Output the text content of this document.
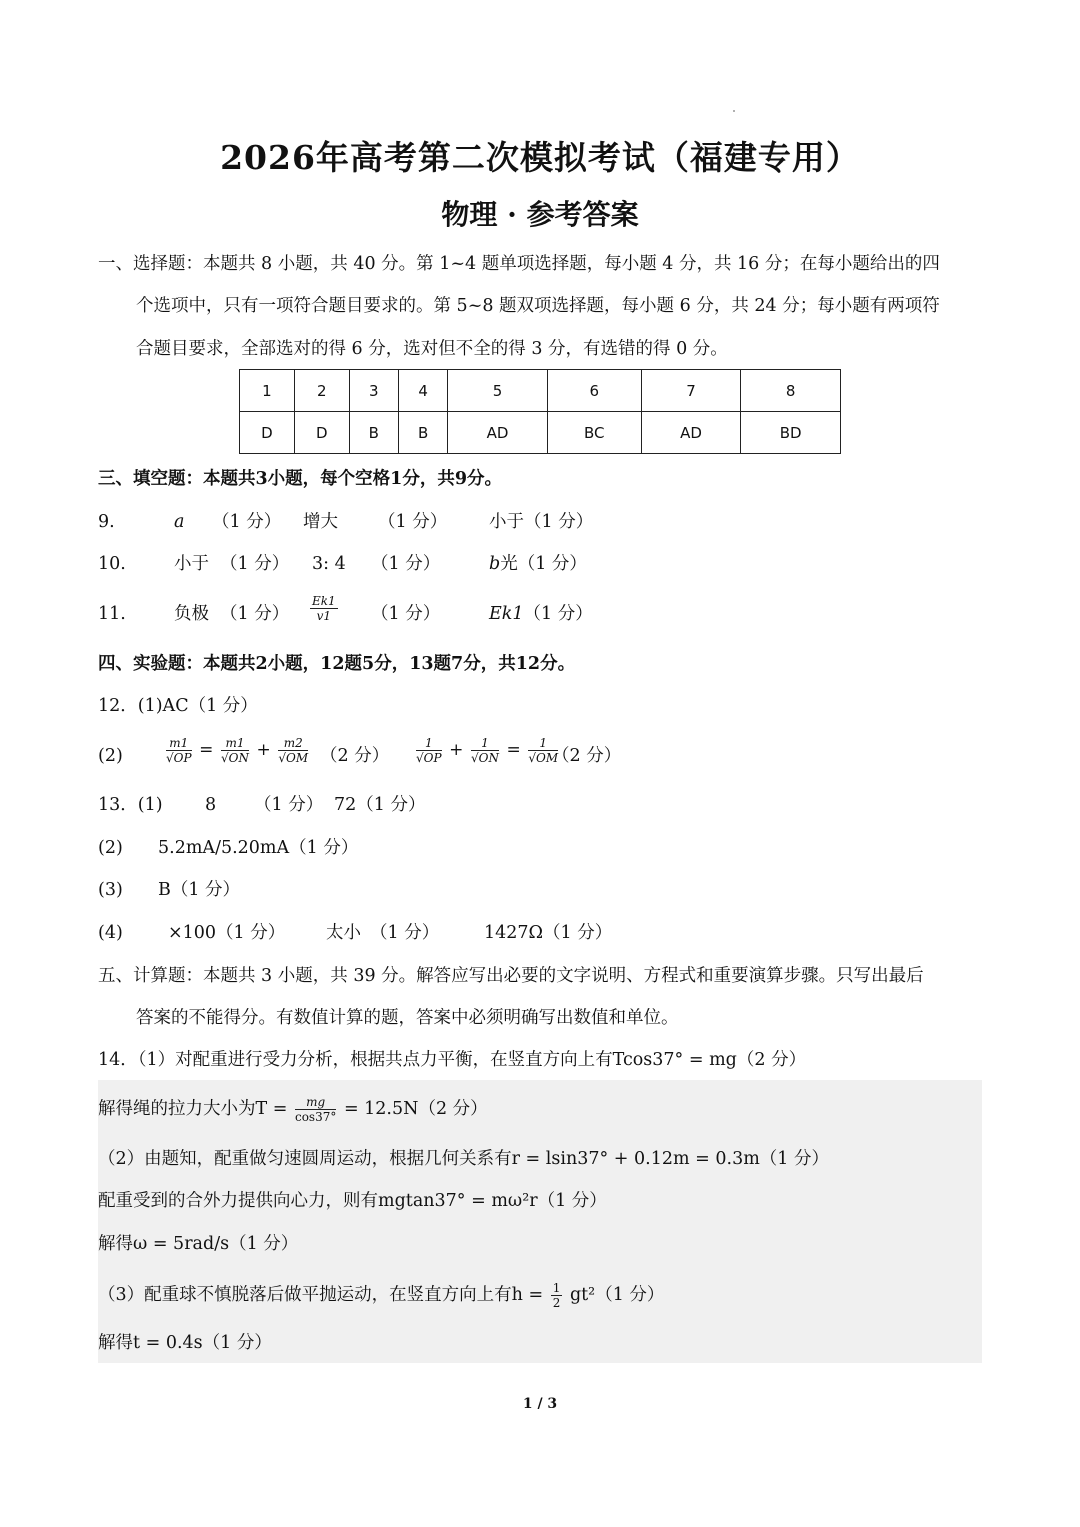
2026年高考第二次模拟考试（福建专用）
物理 · 参考答案
一、选择题：本题共 8 小题，共 40 分。第 1~4 题单项选择题，每小题 4 分，共 16 分；在每小题给出的四
个选项中，只有一项符合题目要求的。第 5~8 题双项选择题，每小题 6 分，共 24 分；每小题有两项符
合题目要求，全部选对的得 6 分，选对但不全的得 3 分，有选错的得 0 分。
1	2	3	4	5	6	7	8
D	D	B	B	AD	BC	AD	BD
三、填空题：本题共3小题，每个空格1分，共9分。
9.	a （1 分） 增大 （1 分） 小于（1 分）
10.	小于 （1 分） 3: 4 （1 分）	b光（1 分）
11.	负极 （1 分） $\frac{Ek1}{v1} (1$ 分）	Ek1（1 分）
四、实验题：本题共2小题，12题5分，13题7分，共12分。
12．(1)AC（1 分）
(2)	$\frac{m1}{√OP} = \frac{m1}{√ON} + \frac{m2}{√OM} (2$ 分） $\frac{1}{√OP} + \frac{1}{√ON} = \frac{1}{√OM}$
（2 分）
13．(1) 8 （1 分） 72（1 分）
(2) 5.2mA/5.20mA（1 分）
(3) B（1 分）
(4)	×100 （1 分） 太小 （1 分）	1427Ω（1 分）
五、计算题：本题共 3 小题，共 39 分。解答应写出必要的文字说明、方程式和重要演算步骤。只写出最后
答案的不能得分。有数值计算的题，答案中必须明确写出数值和单位。
14．（1）对配重进行受力分析，根据共点力平衡，在竖直方向上有Tcos37° = mg（2 分）
解得绳的拉力大小为$T = \frac{mg}{\cos 37^\circ} = 12.5N(2$ 分）
（2）由题知，配重做匀速圆周运动，根据几何关系有r = lsin37° + 0.12m = 0.3m（1 分）
配重受到的合外力提供向心力，则有mgtan37° = mω²r（1 分）
解得ω = 5rad/s（1 分）
（3）配重球不慎脱落后做平抛运动，在竖直方向上有$h = \frac{1}{2} gt^2(1$ 分）
解得t = 0.4s（1 分）
1 / 3
